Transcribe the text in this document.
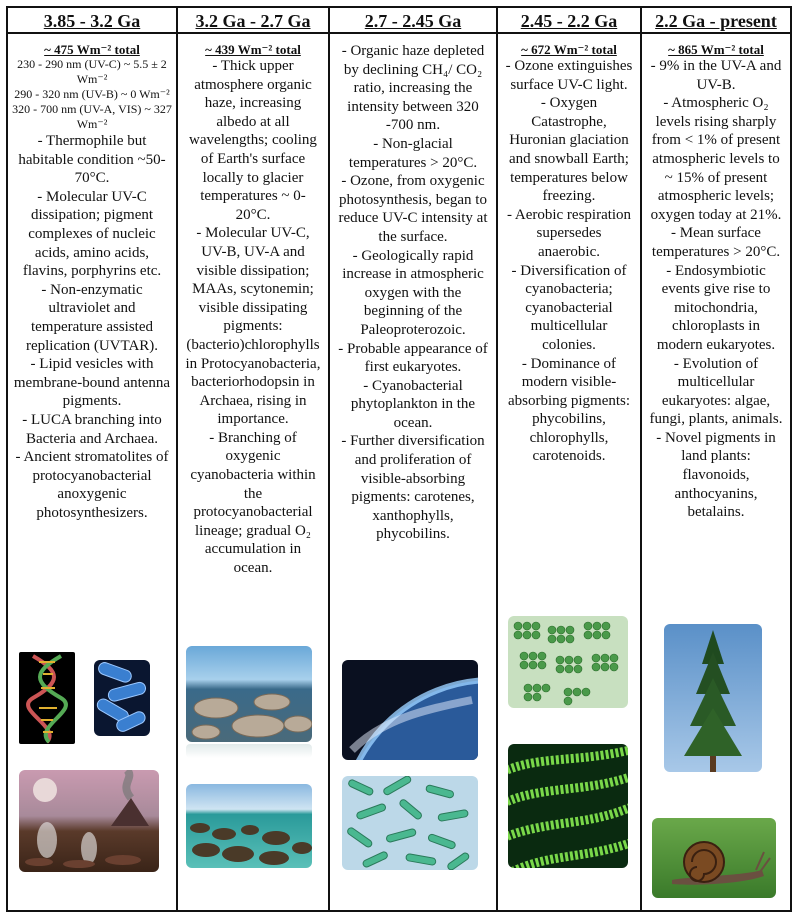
3.85 - 3.2 Ga
~ 475 Wm⁻² total
230 - 290 nm (UV-C) ~ 5.5 ± 2 Wm⁻²
290 - 320 nm (UV-B) ~ 0 Wm⁻²
320 - 700 nm (UV-A, VIS) ~ 327 Wm⁻²
- Thermophile but habitable condition ~50-70°C.
- Molecular UV-C dissipation; pigment complexes of nucleic acids, amino acids, flavins, porphyrins etc.
- Non-enzymatic ultraviolet and temperature assisted replication (UVTAR).
- Lipid vesicles with membrane-bound antenna pigments.
- LUCA branching into Bacteria and Archaea.
- Ancient stromatolites of protocyanobacterial anoxygenic photosynthesizers.
3.2 Ga - 2.7 Ga
~ 439 Wm⁻² total
- Thick upper atmosphere organic haze, increasing albedo at all wavelengths; cooling of Earth's surface locally to glacier temperatures ~ 0-20°C.
- Molecular UV-C, UV-B, UV-A and visible dissipation; MAAs, scytonemin; visible dissipating pigments: (bacterio)chlorophylls in Protocyanobacteria, bacteriorhodopsin in Archaea, rising in importance.
- Branching of oxygenic cyanobacteria within the protocyanobacterial lineage; gradual O₂ accumulation in ocean.
2.7 - 2.45 Ga
- Organic haze depleted by declining CH₄/ CO₂ ratio, increasing the intensity between 320 -700 nm.
- Non-glacial temperatures > 20°C.
- Ozone, from oxygenic photosynthesis, began to reduce UV-C intensity at the surface.
- Geologically rapid increase in atmospheric oxygen with the beginning of the Paleoproterozoic.
- Probable appearance of first eukaryotes.
- Cyanobacterial phytoplankton in the ocean.
- Further diversification and proliferation of visible-absorbing pigments: carotenes, xanthophylls, phycobilins.
2.45 - 2.2 Ga
~ 672 Wm⁻² total
- Ozone extinguishes surface UV-C light.
- Oxygen Catastrophe, Huronian glaciation and snowball Earth; temperatures below freezing.
- Aerobic respiration supersedes anaerobic.
- Diversification of cyanobacteria; cyanobacterial multicellular colonies.
- Dominance of modern visible-absorbing pigments: phycobilins, chlorophylls, carotenoids.
2.2 Ga - present
~ 865 Wm⁻² total
- 9% in the UV-A and UV-B.
- Atmospheric O₂ levels rising sharply from < 1% of present atmospheric levels to ~ 15% of present atmospheric levels; oxygen today at 21%.
- Mean surface temperatures > 20°C.
- Endosymbiotic events give rise to mitochondria, chloroplasts in modern eukaryotes.
- Evolution of multicellular eukaryotes: algae, fungi, plants, animals.
- Novel pigments in land plants: flavonoids, anthocyanins, betalains.
